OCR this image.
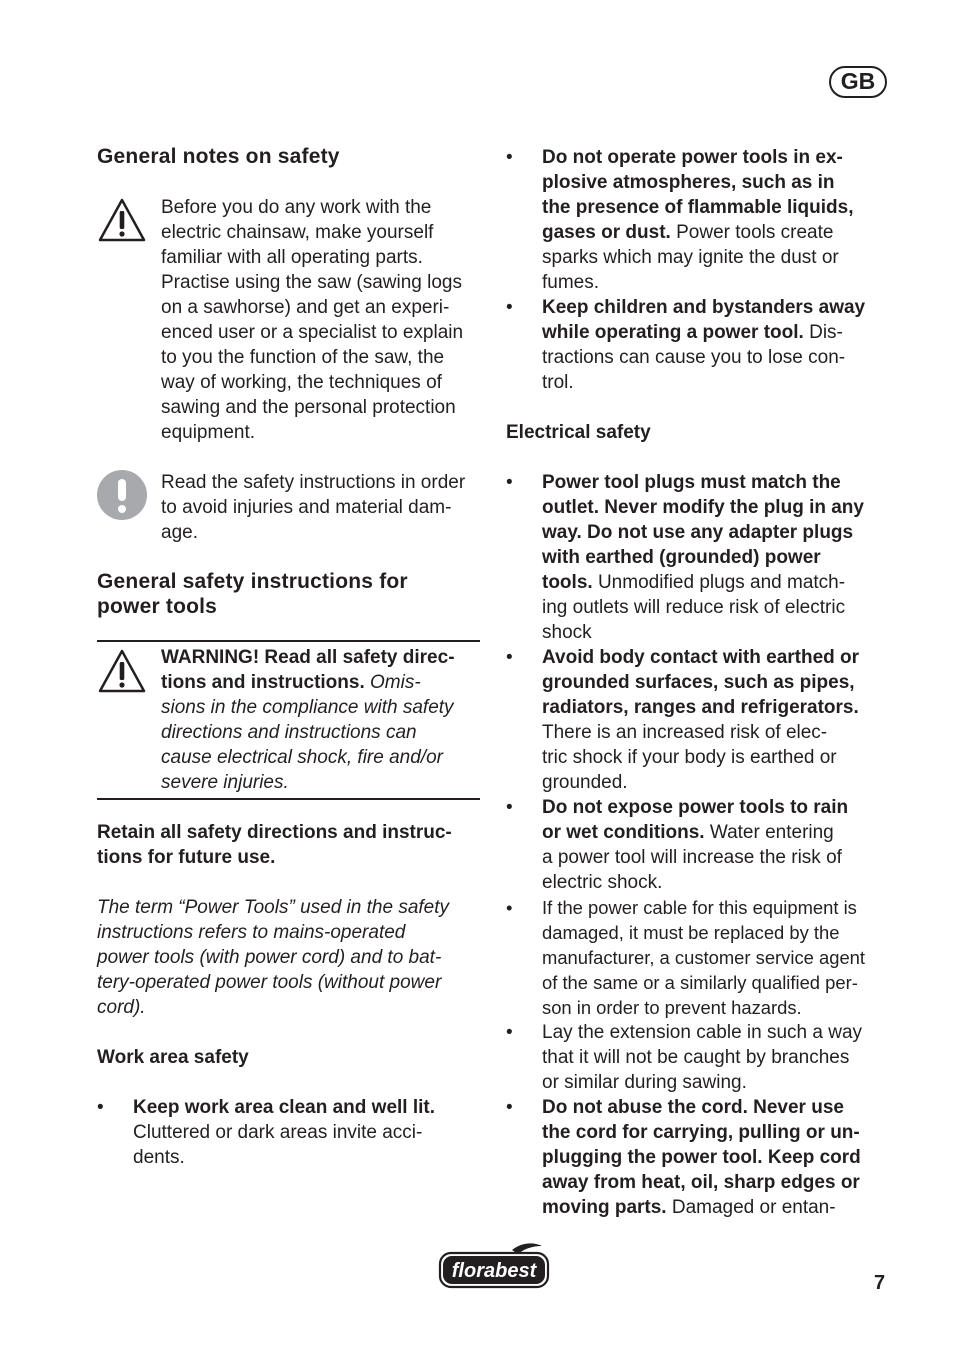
GB
General notes on safety
Before you do any work with the
electric chainsaw, make yourself
familiar with all operating parts.
Practise using the saw (sawing logs
on a sawhorse) and get an experi-
enced user or a specialist to explain
to you the function of the saw, the
way of working, the techniques of
sawing and the personal protection
equipment.
Read the safety instructions in order
to avoid injuries and material dam-
age.
General safety instructions for
power tools
WARNING! Read all safety direc-
tions and instructions. Omis-
sions in the compliance with safety
directions and instructions can
cause electrical shock, fire and/or
severe injuries.
Retain all safety directions and instruc-
tions for future use.
The term “Power Tools” used in the safety
instructions refers to mains-operated
power tools (with power cord) and to bat-
tery-operated power tools (without power
cord).
Work area safety
• Keep work area clean and well lit.
Cluttered or dark areas invite acci-
dents.
• Do not operate power tools in ex-
plosive atmospheres, such as in
the presence of flammable liquids,
gases or dust. Power tools create
sparks which may ignite the dust or
fumes.
• Keep children and bystanders away
while operating a power tool. Dis-
tractions can cause you to lose con-
trol.
Electrical safety
• Power tool plugs must match the
outlet. Never modify the plug in any
way. Do not use any adapter plugs
with earthed (grounded) power
tools. Unmodified plugs and match-
ing outlets will reduce risk of electric
shock
• Avoid body contact with earthed or
grounded surfaces, such as pipes,
radiators, ranges and refrigerators.
There is an increased risk of elec-
tric shock if your body is earthed or
grounded.
• Do not expose power tools to rain
or wet conditions. Water entering
a power tool will increase the risk of
electric shock.
• If the power cable for this equipment is
damaged, it must be replaced by the
manufacturer, a customer service agent
of the same or a similarly qualified per-
son in order to prevent hazards.
• Lay the extension cable in such a way
that it will not be caught by branches
or similar during sawing.
• Do not abuse the cord. Never use
the cord for carrying, pulling or un-
plugging the power tool. Keep cord
away from heat, oil, sharp edges or
moving parts. Damaged or entan-
florabest
7
